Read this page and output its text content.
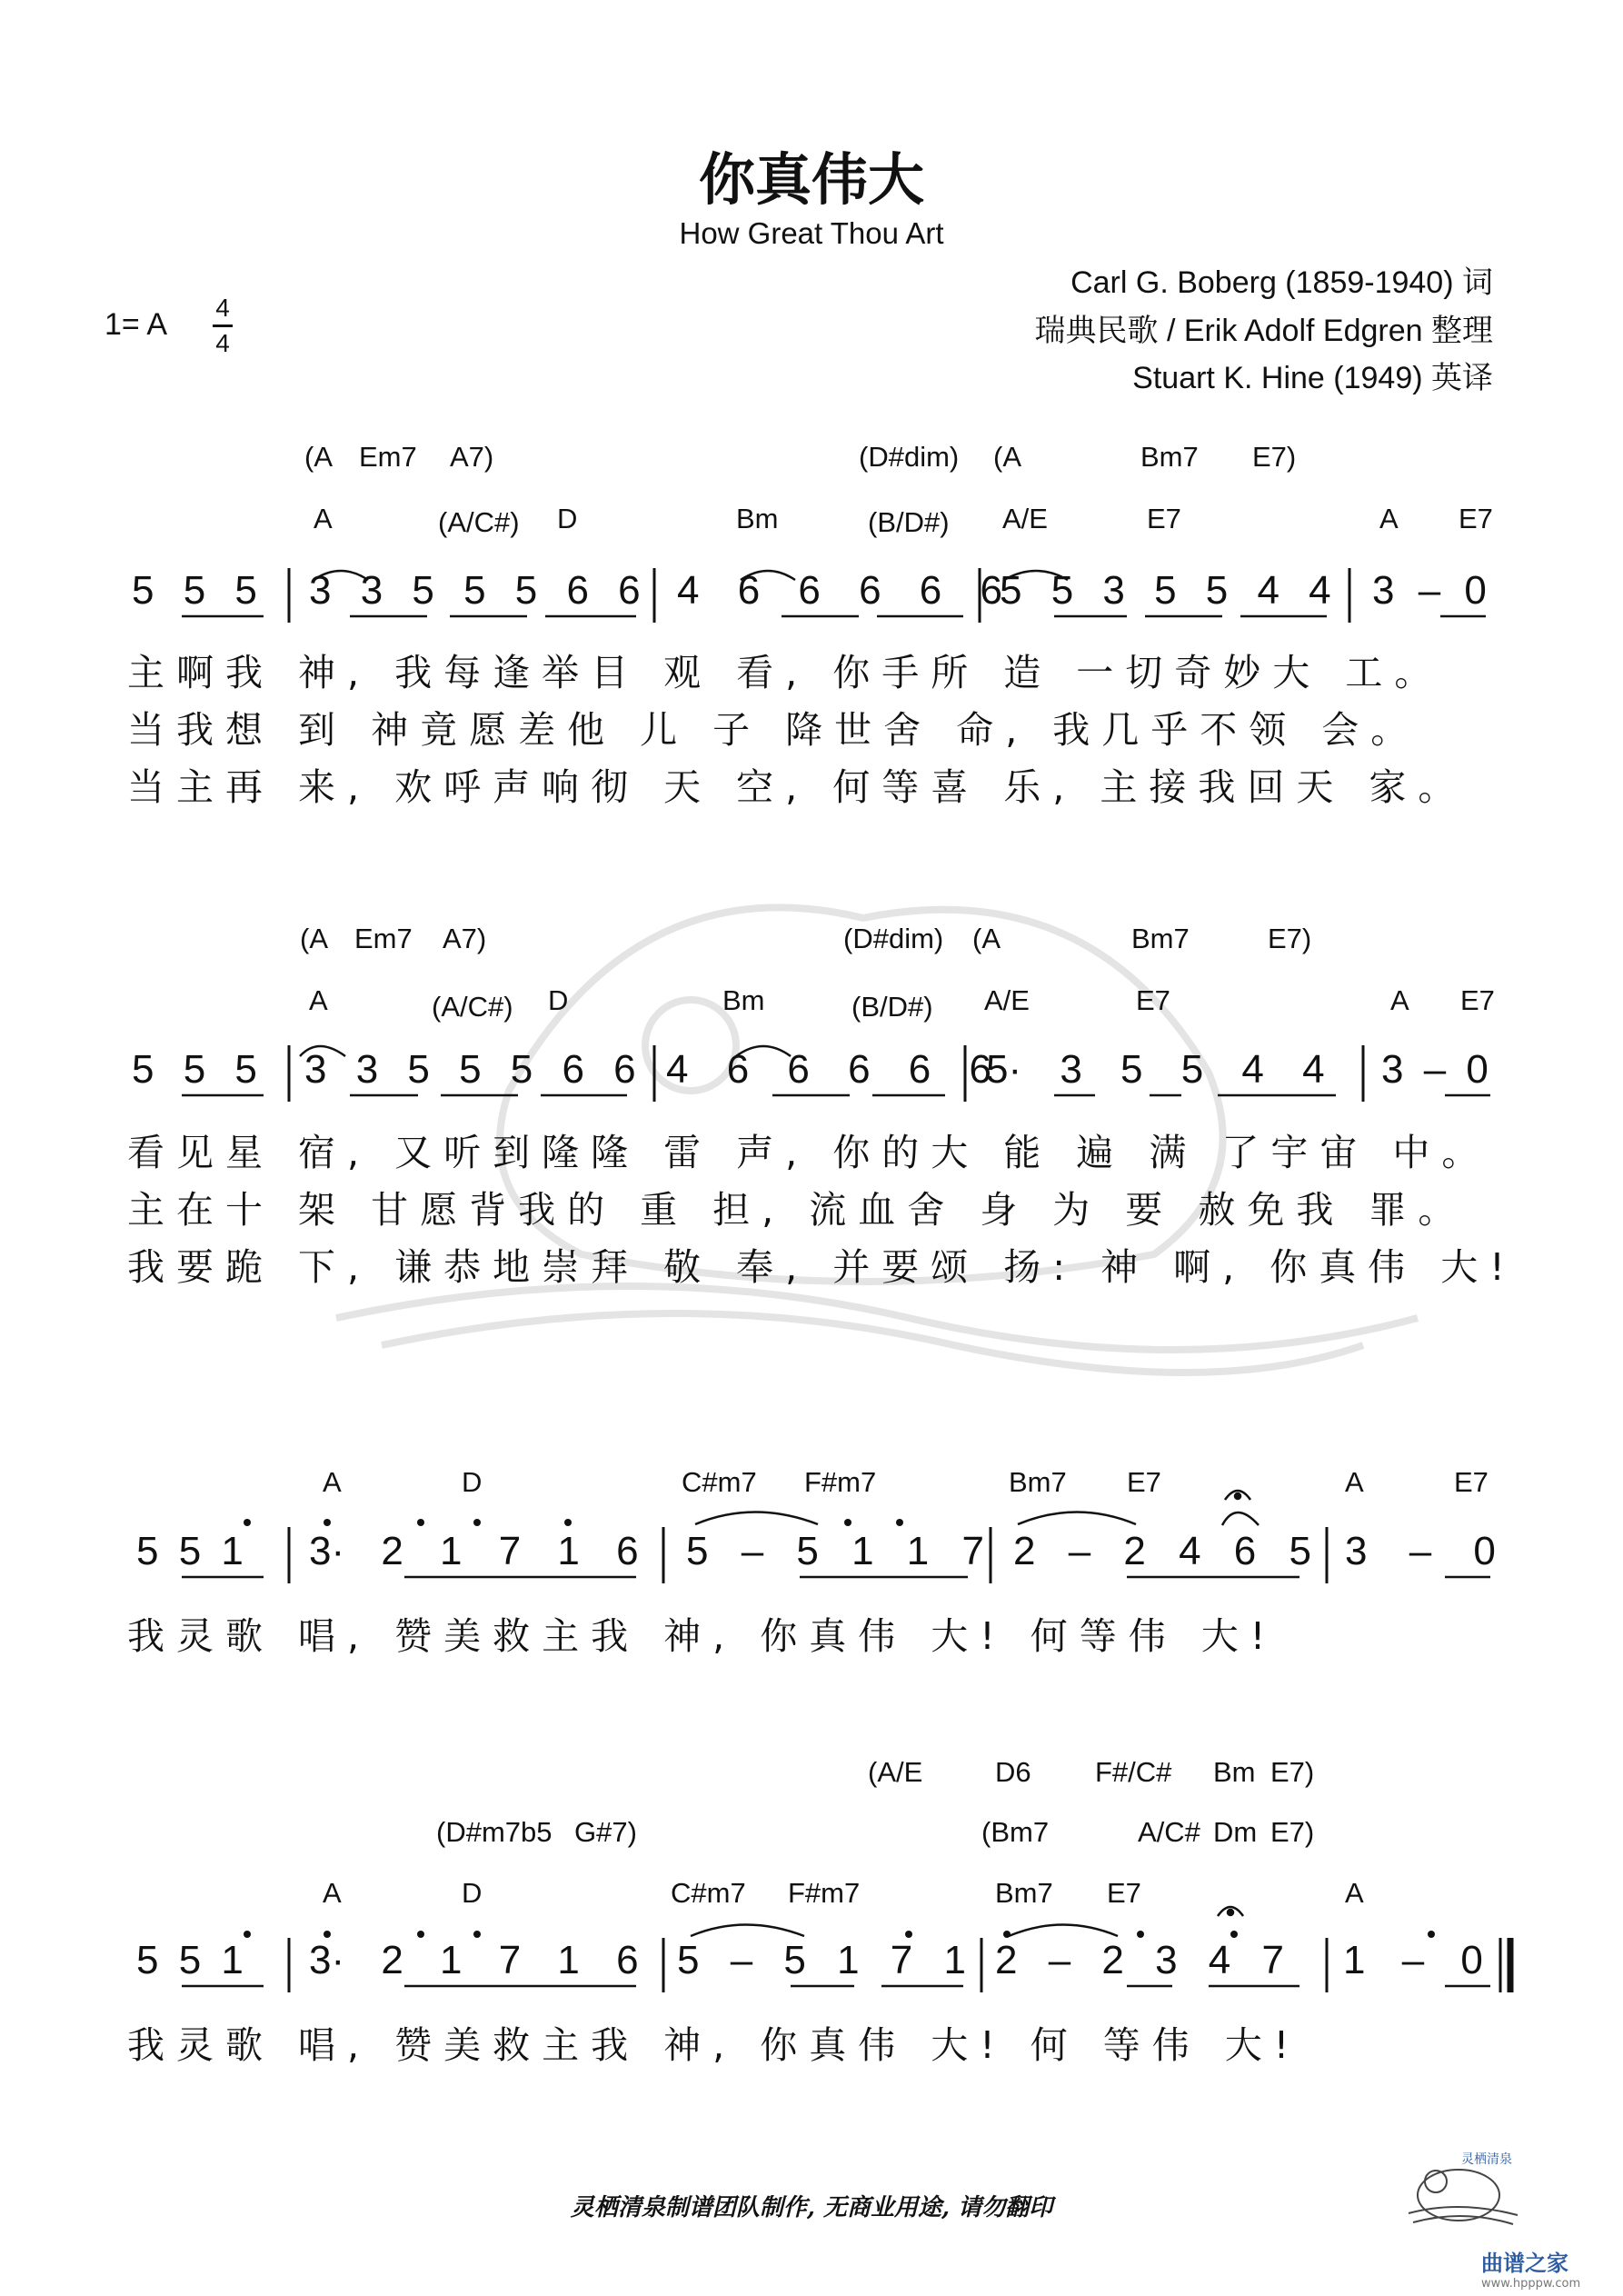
你真伟大
How Great Thou Art
Carl G. Boberg (1859-1940) 词
瑞典民歌 / Erik Adolf Edgren 整理
Stuart K. Hine (1949) 英译
1= A 4
4
(A Em7 A7)	(D#dim) (A	Bm7 E7)
A	(A/C#) D	Bm	(B/D#) A/E	E7	A E7
5 5 5 3 3 5 5 5 6 6 4 6 6 6 6 6
5 5 3 5 5 4 4 3 – 0
主啊我 神, 我每逢举目 观 看, 你手所 造 一切奇妙大 工。
当我想 到 神竟愿差他 儿 子 降世舍 命, 我几乎不领 会。
当主再 来, 欢呼声响彻 天 空, 何等喜 乐, 主接我回天 家。
(A Em7 A7)	(D#dim) (A	Bm7	E7)
A	(A/C#) D	Bm	(B/D#) A/E	E7	A E7
5 5 5 3 3 5 5 5 6 6 4 6 6 6 6 6
5· 3 5 5 4 4 3 – 0
看见星 宿, 又听到隆隆 雷 声, 你的大 能 遍 满 了宇宙 中。
主在十 架 甘愿背我的 重 担, 流血舍 身 为 要 赦免我 罪。
我要跪 下, 谦恭地崇拜 敬 奉, 并要颂 扬: 神 啊, 你真伟 大!
A	D	C#m7 F#m7	Bm7 E7	A	E7
5 5 1 3· 2 1 7 1 6 5 – 5 1 1 7 2 – 2 4 6 5 3 – 0
我灵歌 唱, 赞美救主我 神, 你真伟 大! 何等伟 大!
(A/E	D6 F#/C# Bm E7)
(D#m7b5 G#7)	(Bm7	A/C# Dm E7)
A	D	C#m7 F#m7	Bm7 E7	A
5 5 1 3· 2 1 7 1 6 5 – 5 1 7 1 2 – 2 3 4 7 1 – 0
我灵歌 唱, 赞美救主我 神, 你真伟 大! 何 等伟 大!
灵栖清泉制谱团队制作, 无商业用途, 请勿翻印
灵栖清泉
曲谱之家
www.hpppw.com
